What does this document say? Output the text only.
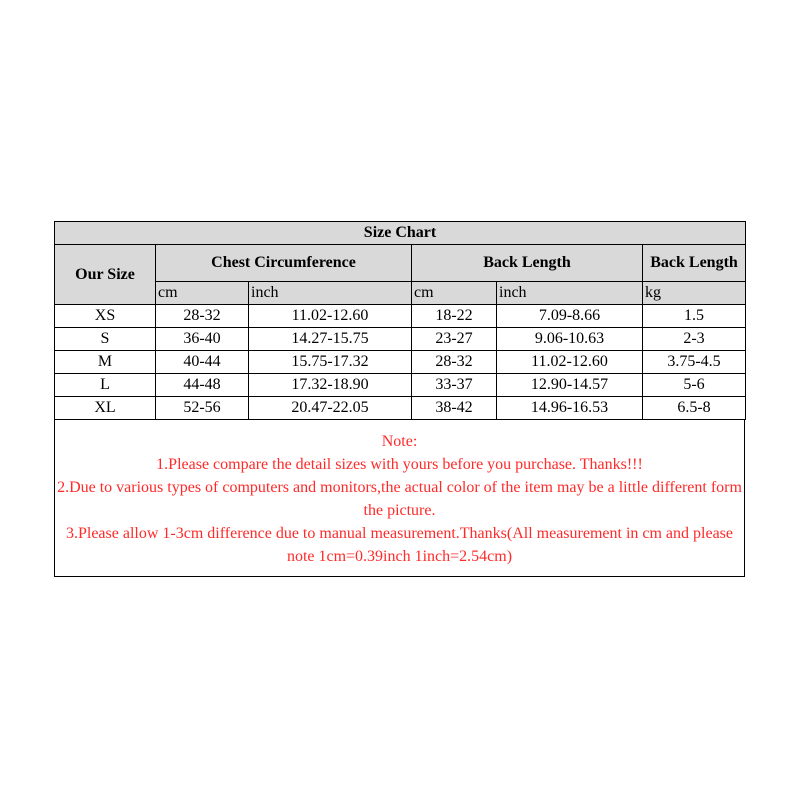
Size Chart					
Our Size	Chest Circumference		Back Length		Back Length
	cm	inch	cm	inch	kg
XS	28-32	11.02-12.60	18-22	7.09-8.66	1.5
S	36-40	14.27-15.75	23-27	9.06-10.63	2-3
M	40-44	15.75-17.32	28-32	11.02-12.60	3.75-4.5
L	44-48	17.32-18.90	33-37	12.90-14.57	5-6
XL	52-56	20.47-22.05	38-42	14.96-16.53	6.5-8

Note:

1.Please compare the detail sizes with yours before you purchase. Thanks!!!

2.Due to various types of computers and monitors,the actual color of the item may be a little different form the picture.

3.Please allow 1-3cm difference due to manual measurement.Thanks(All measurement in cm and please note 1cm=0.39inch 1inch=2.54cm)
